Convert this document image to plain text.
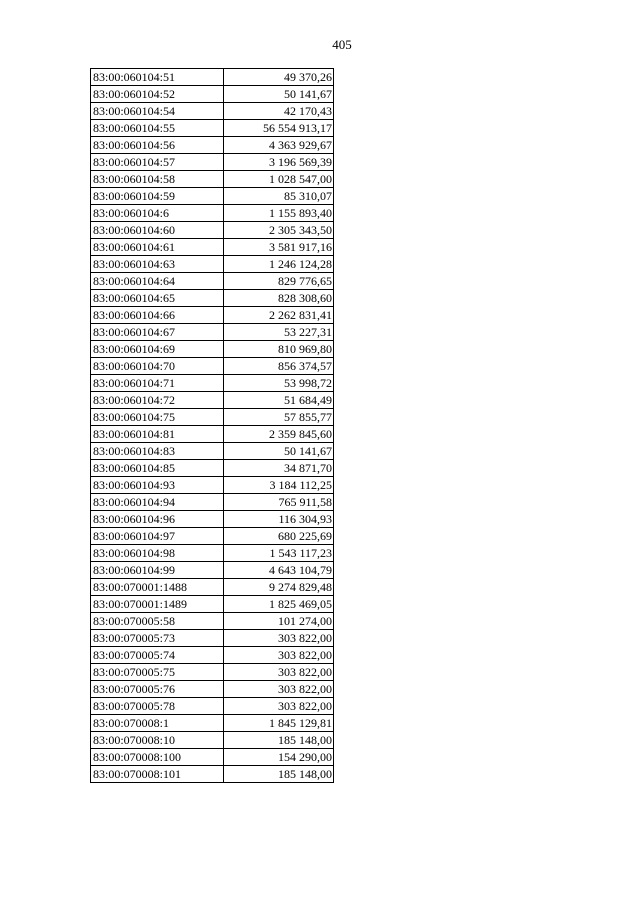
405
83:00:060104:51	49 370,26
83:00:060104:52	50 141,67
83:00:060104:54	42 170,43
83:00:060104:55	56 554 913,17
83:00:060104:56	4 363 929,67
83:00:060104:57	3 196 569,39
83:00:060104:58	1 028 547,00
83:00:060104:59	85 310,07
83:00:060104:6	1 155 893,40
83:00:060104:60	2 305 343,50
83:00:060104:61	3 581 917,16
83:00:060104:63	1 246 124,28
83:00:060104:64	829 776,65
83:00:060104:65	828 308,60
83:00:060104:66	2 262 831,41
83:00:060104:67	53 227,31
83:00:060104:69	810 969,80
83:00:060104:70	856 374,57
83:00:060104:71	53 998,72
83:00:060104:72	51 684,49
83:00:060104:75	57 855,77
83:00:060104:81	2 359 845,60
83:00:060104:83	50 141,67
83:00:060104:85	34 871,70
83:00:060104:93	3 184 112,25
83:00:060104:94	765 911,58
83:00:060104:96	116 304,93
83:00:060104:97	680 225,69
83:00:060104:98	1 543 117,23
83:00:060104:99	4 643 104,79
83:00:070001:1488	9 274 829,48
83:00:070001:1489	1 825 469,05
83:00:070005:58	101 274,00
83:00:070005:73	303 822,00
83:00:070005:74	303 822,00
83:00:070005:75	303 822,00
83:00:070005:76	303 822,00
83:00:070005:78	303 822,00
83:00:070008:1	1 845 129,81
83:00:070008:10	185 148,00
83:00:070008:100	154 290,00
83:00:070008:101	185 148,00
